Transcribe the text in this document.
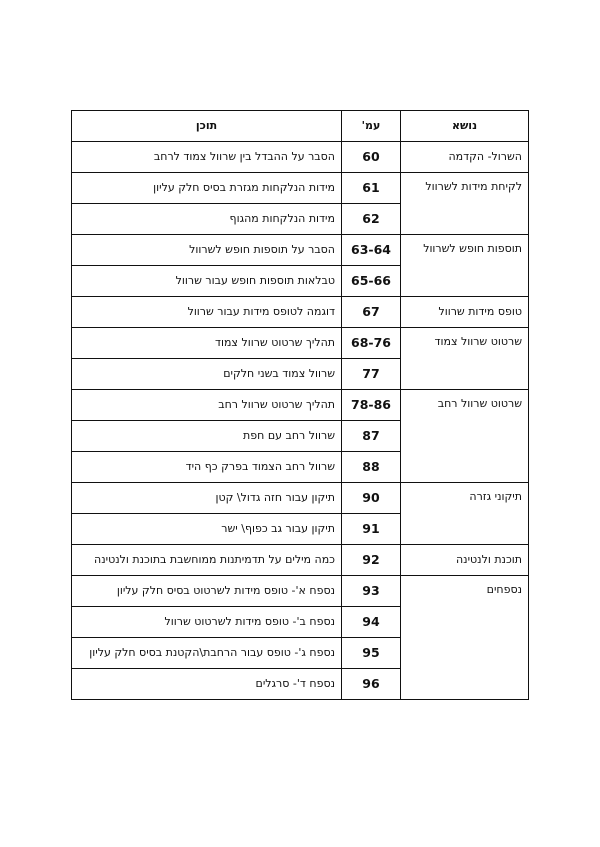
נושא	עמ'	תוכן
השרול- הקדמה	60	הסבר על ההבדל בין שרוול צמוד לרחב
לקיחת מידות לשרוול	61	מידות הנלקחות מגזרת בסיס חלק עליון
	62	מידות הנלקחות מהגוף
תוספות חופש לשרוול	63-64	הסבר על תוספות חופש לשרוול
	65-66	טבלאות תוספות חופש עבור שרוול
טופס מידות שרוול	67	דוגמה לטופס מידות עבור שרוול
שרטוט שרוול צמוד	68-76	תהליך שרטוט שרוול צמוד
	77	שרוול צמוד בשני חלקים
שרטוט שרוול רחב	78-86	תהליך שרטוט שרוול רחב
	87	שרוול רחב עם חפת
	88	שרוול רחב הצמוד בפרק כף היד
תיקוני גזרה	90	תיקון עבור חזה גדול\ קטן
	91	תיקון עבור גב כפוף\ ישר
תוכנת ולנטינה	92	כמה מילים על תדמיתנות ממוחשבת בתוכנת ולנטינה
נספחים	93	נספח א'- טופס מידות לשרטוט בסיס חלק עליון
	94	נספח ב'- טופס מידות לשרטוט שרוול
	95	נספח ג'- טופס עבור הרחבת\הקטנת בסיס חלק עליון
	96	נספח ד'- סרגלים
